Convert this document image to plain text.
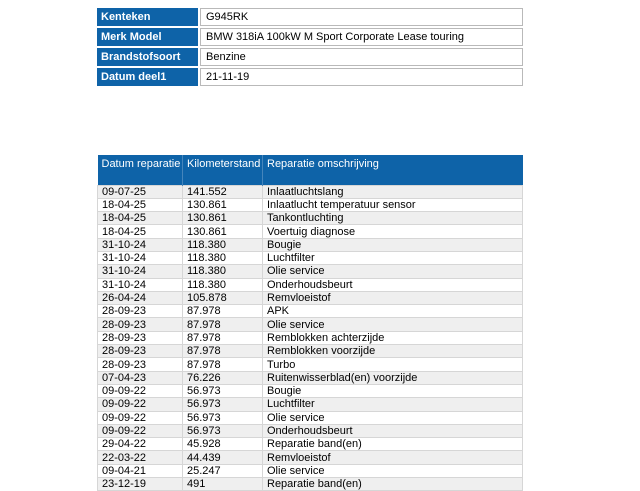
Kenteken	G945RK
Merk Model	BMW 318iA 100kW M Sport Corporate Lease touring
Brandstofsoort	Benzine
Datum deel1	21-11-19
Datum reparatie	Kilometerstand	Reparatie omschrijving
09-07-25	141.552	Inlaatluchtslang
18-04-25	130.861	Inlaatlucht temperatuur sensor
18-04-25	130.861	Tankontluchting
18-04-25	130.861	Voertuig diagnose
31-10-24	118.380	Bougie
31-10-24	118.380	Luchtfilter
31-10-24	118.380	Olie service
31-10-24	118.380	Onderhoudsbeurt
26-04-24	105.878	Remvloeistof
28-09-23	87.978	APK
28-09-23	87.978	Olie service
28-09-23	87.978	Remblokken achterzijde
28-09-23	87.978	Remblokken voorzijde
28-09-23	87.978	Turbo
07-04-23	76.226	Ruitenwisserblad(en) voorzijde
09-09-22	56.973	Bougie
09-09-22	56.973	Luchtfilter
09-09-22	56.973	Olie service
09-09-22	56.973	Onderhoudsbeurt
29-04-22	45.928	Reparatie band(en)
22-03-22	44.439	Remvloeistof
09-04-21	25.247	Olie service
23-12-19	491	Reparatie band(en)
